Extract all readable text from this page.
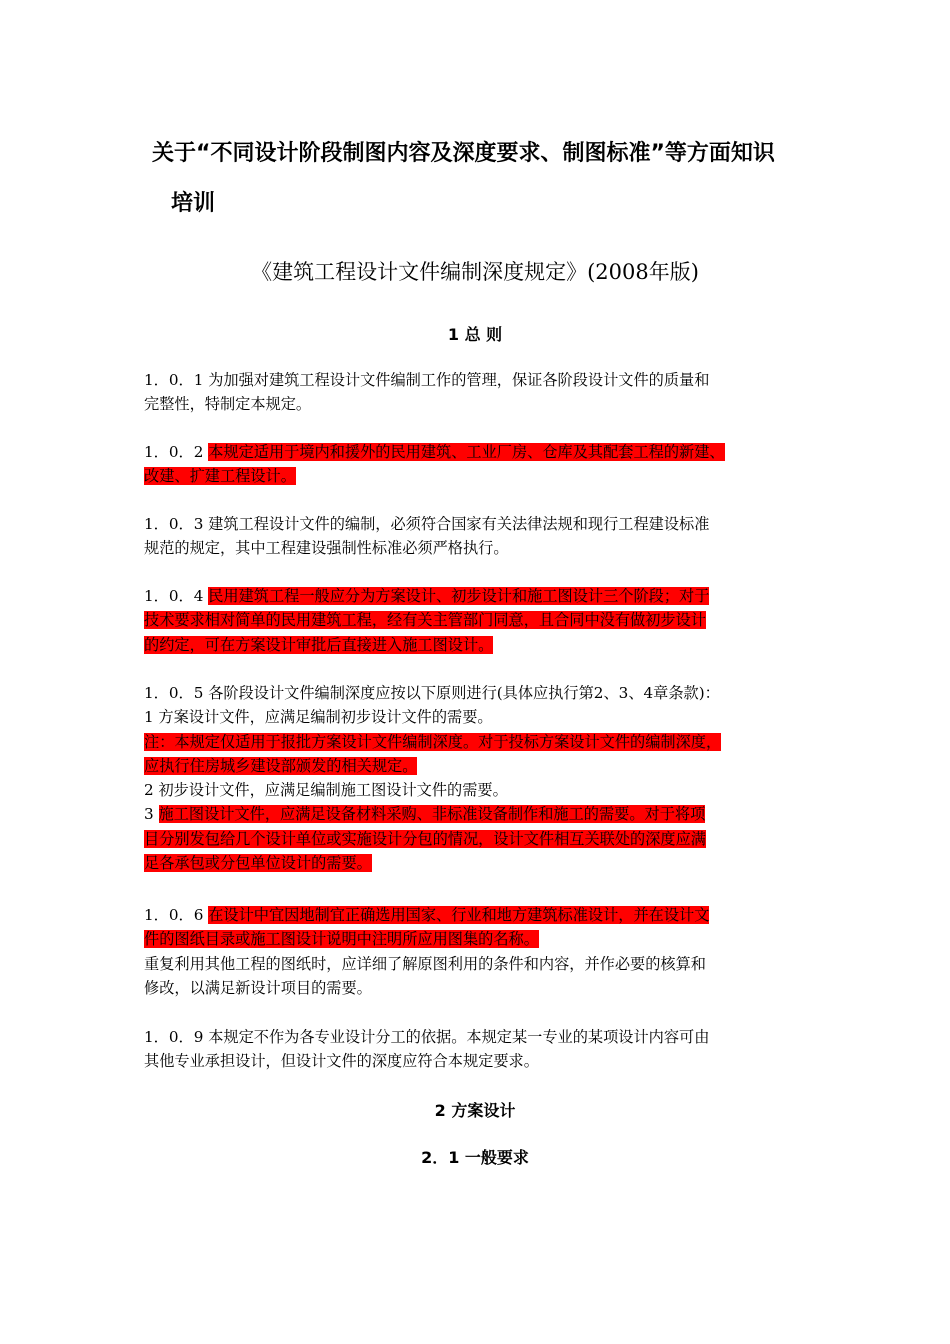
关于“不同设计阶段制图内容及深度要求、制图标准”等方面知识
培训
《建筑工程设计文件编制深度规定》(2008年版)
1 总 则
1．0．1 为加强对建筑工程设计文件编制工作的管理，保证各阶段设计文件的质量和
完整性，特制定本规定。
1．0．2 本规定适用于境内和援外的民用建筑、工业厂房、仓库及其配套工程的新建、
改建、扩建工程设计。
1．0．3 建筑工程设计文件的编制，必须符合国家有关法律法规和现行工程建设标准
规范的规定，其中工程建设强制性标准必须严格执行。
1．0．4 民用建筑工程一般应分为方案设计、初步设计和施工图设计三个阶段；对于
技术要求相对简单的民用建筑工程，经有关主管部门同意，且合同中没有做初步设计
的约定，可在方案设计审批后直接进入施工图设计。
1．0．5 各阶段设计文件编制深度应按以下原则进行(具体应执行第2、3、4章条款)：
1 方案设计文件，应满足编制初步设计文件的需要。
注：本规定仅适用于报批方案设计文件编制深度。对于投标方案设计文件的编制深度，
应执行住房城乡建设部颁发的相关规定。
2 初步设计文件，应满足编制施工图设计文件的需要。
3 施工图设计文件，应满足设备材料采购、非标准设备制作和施工的需要。对于将项
目分别发包给几个设计单位或实施设计分包的情况，设计文件相互关联处的深度应满
足各承包或分包单位设计的需要。
1．0．6 在设计中宜因地制宜正确选用国家、行业和地方建筑标准设计，并在设计文
件的图纸目录或施工图设计说明中注明所应用图集的名称。
重复利用其他工程的图纸时，应详细了解原图利用的条件和内容，并作必要的核算和
修改，以满足新设计项目的需要。
1．0．9 本规定不作为各专业设计分工的依据。本规定某一专业的某项设计内容可由
其他专业承担设计，但设计文件的深度应符合本规定要求。
2 方案设计
2．1 一般要求
